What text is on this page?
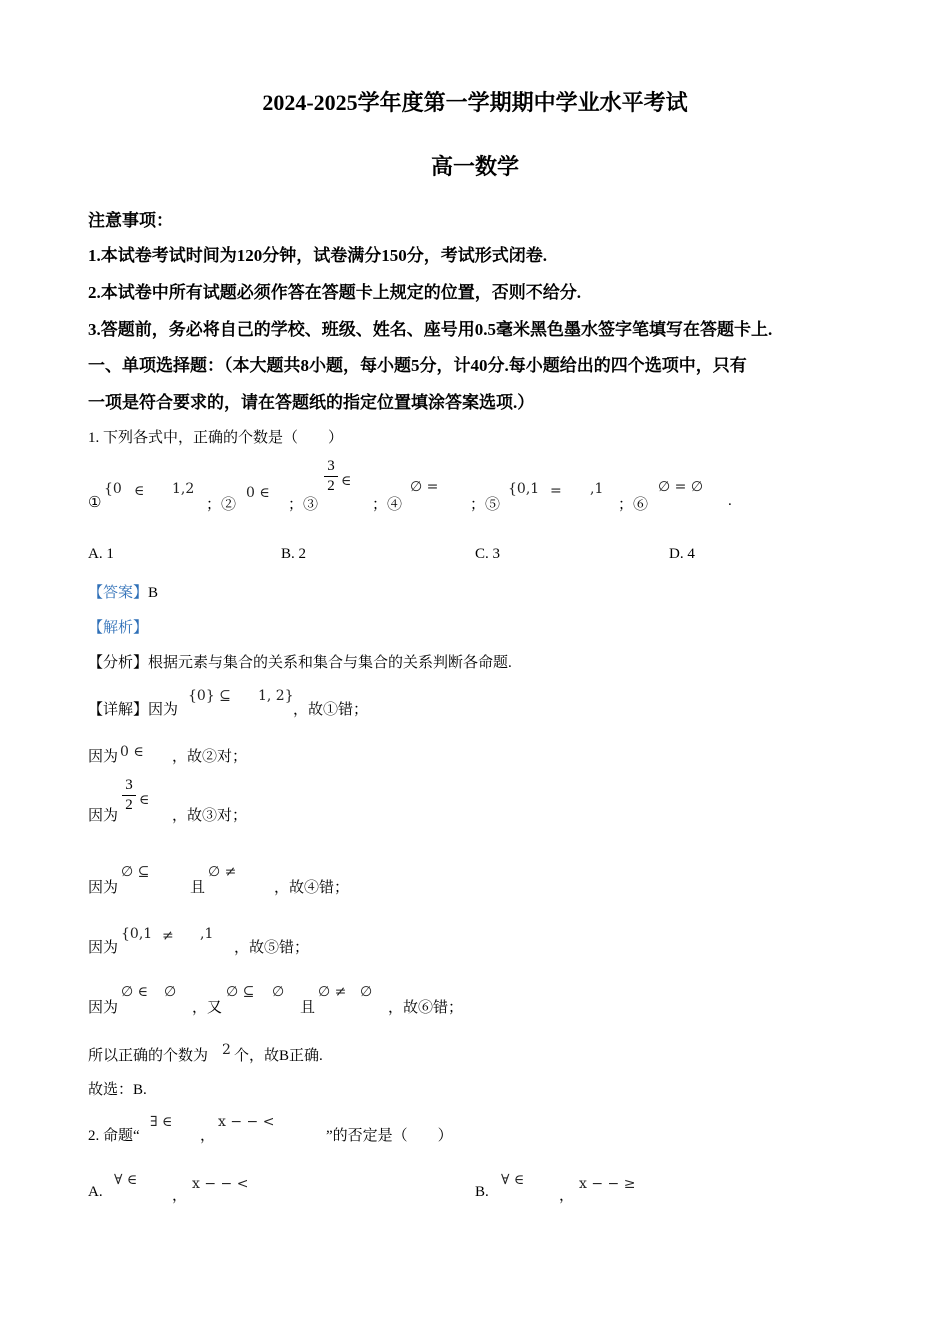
2024-2025学年度第一学期期中学业水平考试
高一数学
注意事项：
1.本试卷考试时间为120分钟，试卷满分150分，考试形式闭卷.
2.本试卷中所有试题必须作答在答题卡上规定的位置，否则不给分.
3.答题前，务必将自己的学校、班级、姓名、座号用0.5毫米黑色墨水签字笔填写在答题卡上.
一、单项选择题：（本大题共8小题，每小题5分，计40分.每小题给出的四个选项中，只有
一项是符合要求的，请在答题纸的指定位置填涂答案选项.）
1. 下列各式中，正确的个数是（　　）
①
{0 ∈ 1,2
；②
0 ∈
；③
$\frac{3}{2}$ ∈
；④
∅ =
；⑤
{0,1 = ,1
；⑥
∅ = ∅
.
A. 1	B. 2	C. 3	D. 4
【答案】B
【解析】
【分析】根据元素与集合的关系和集合与集合的关系判断各命题.
【详解】因为
{0} ⊆ 1, 2}
，故①错；
因为 0 ∈ ，故②对；
因为
$\frac{3}{2}$ ∈
，故③对；
因为
∅ ⊆
且
∅ ≠
，故④错；
因为
{0,1 ≠ ,1
，故⑤错；
因为
∅ ∈ ∅
，又
∅ ⊆ ∅
且
∅ ≠ ∅
，故⑥错；
所以正确的个数为 2 个，故B正确.
故选：B.
2. 命题“
∃ ∈
，
x − − <
”的否定是（　　）
A.
∀ ∈
，
x − − <	B.
∀ ∈
，
x − − ≥
